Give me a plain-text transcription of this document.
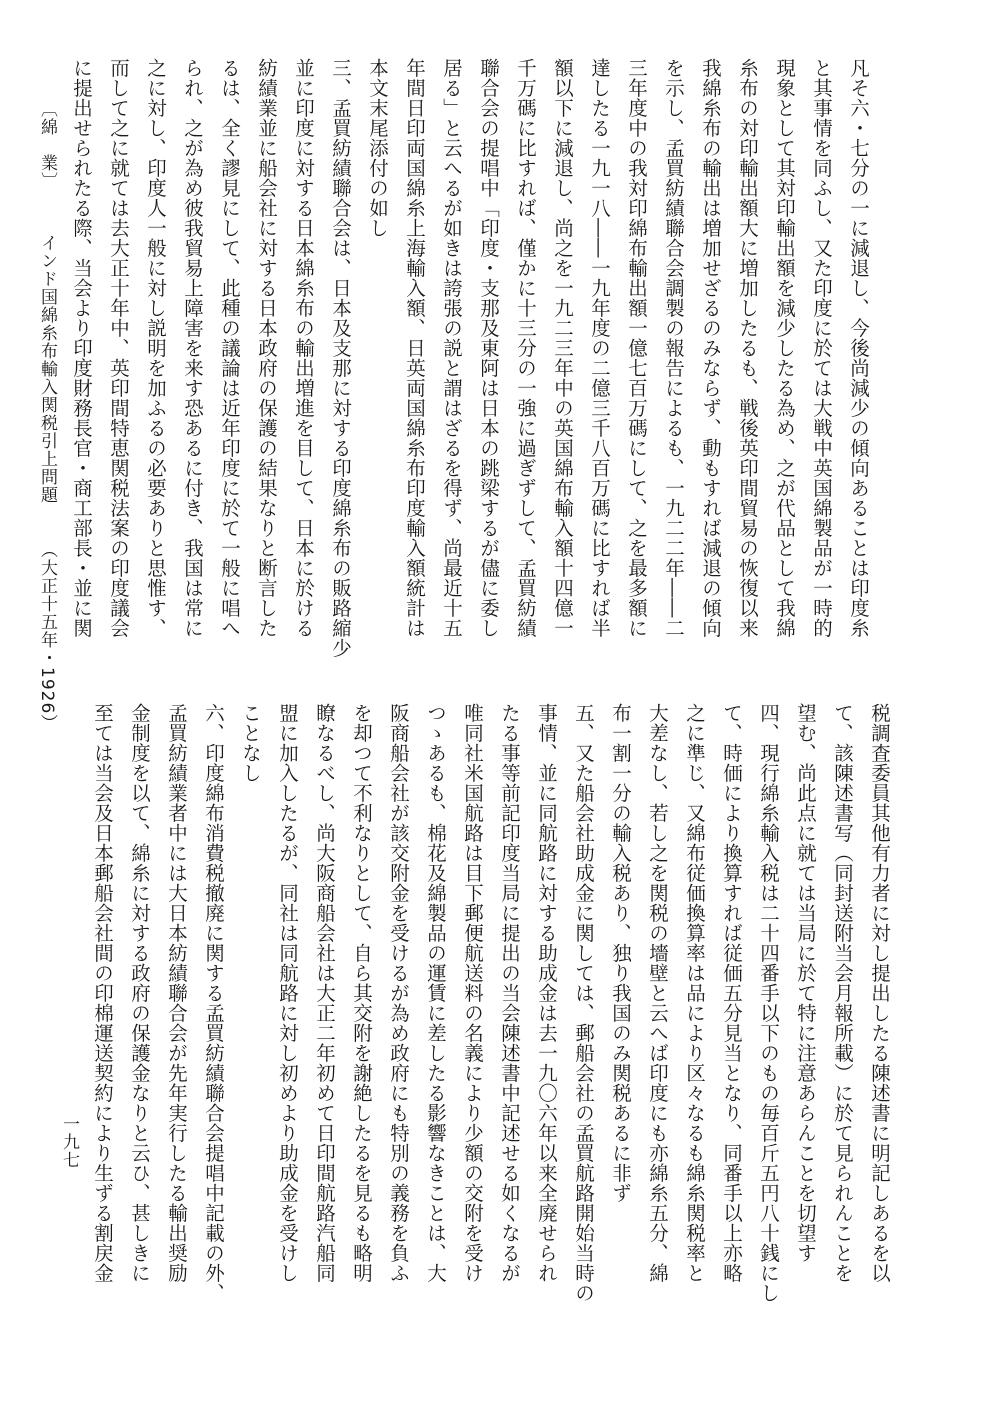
凡そ六・七分の一に減退し、今後尚減少の傾向あることは印度糸
と其事情を同ふし、又た印度に於ては大戦中英国綿製品が一時的
現象として其対印輸出額を減少したる為め、之が代品として我綿
糸布の対印輸出額大に増加したるも、戦後英印間貿易の恢復以来
我綿糸布の輸出は増加せざるのみならず、動もすれば減退の傾向
を示し、孟買紡績聯合会調製の報告によるも、一九二二年――二
三年度中の我対印綿布輸出額一億七百万碼にして、之を最多額に
達したる一九一八――一九年度の二億三千八百万碼に比すれば半
額以下に減退し、尚之を一九二三年中の英国綿布輸入額十四億一
千万碼に比すれば、僅かに十三分の一強に過ぎずして、孟買紡績
聯合会の提唱中「印度・支那及東阿は日本の跳梁するが儘に委し
居る」と云へるが如きは誇張の説と謂はざるを得ず、尚最近十五
年間日印両国綿糸上海輸入額、日英両国綿糸布印度輸入額統計は
本文末尾添付の如し
三、孟買紡績聯合会は、日本及支那に対する印度綿糸布の販路縮少
並に印度に対する日本綿糸布の輸出増進を目して、日本に於ける
紡績業並に船会社に対する日本政府の保護の結果なりと断言した
るは、全く謬見にして、此種の議論は近年印度に於て一般に唱へ
られ、之が為め彼我貿易上障害を来す恐あるに付き、我国は常に
之に対し、印度人一般に対し説明を加ふるの必要ありと思惟す、
而して之に就ては去大正十年中、英印間特恵関税法案の印度議会
に提出せられたる際、当会より印度財務長官・商工部長・並に関
税調査委員其他有力者に対し提出したる陳述書に明記しあるを以
て、該陳述書写（同封送附当会月報所載）に於て見られんことを
望む、尚此点に就ては当局に於て特に注意あらんことを切望す
四、現行綿糸輸入税は二十四番手以下のもの毎百斤五円八十銭にし
て、時価により換算すれば従価五分見当となり、同番手以上亦略
之に準じ、又綿布従価換算率は品により区々なるも綿糸関税率と
大差なし、若し之を関税の墻壁と云へば印度にも亦綿糸五分、綿
布一割一分の輸入税あり、独り我国のみ関税あるに非ず
五、又た船会社助成金に関しては、郵船会社の孟買航路開始当時の
事情、並に同航路に対する助成金は去一九〇六年以来全廃せられ
たる事等前記印度当局に提出の当会陳述書中記述せる如くなるが
唯同社米国航路は目下郵便航送料の名義により少額の交附を受け
つゝあるも、棉花及綿製品の運賃に差したる影響なきことは、大
阪商船会社が該交附金を受けるが為め政府にも特別の義務を負ふ
を却つて不利なりとして、自ら其交附を謝絶したるを見るも略明
瞭なるべし、尚大阪商船会社は大正二年初めて日印間航路汽船同
盟に加入したるが、同社は同航路に対し初めより助成金を受けし
ことなし
六、印度綿布消費税撤廃に関する孟買紡績聯合会提唱中記載の外、
孟買紡績業者中には大日本紡績聯合会が先年実行したる輸出奨励
金制度を以て、綿糸に対する政府の保護金なりと云ひ、甚しきに
至ては当会及日本郵船会社間の印棉運送契約により生ずる割戻金
〔綿　業〕 インド国綿糸布輸入関税引上問題 （大正十五年・1926）
一九七
